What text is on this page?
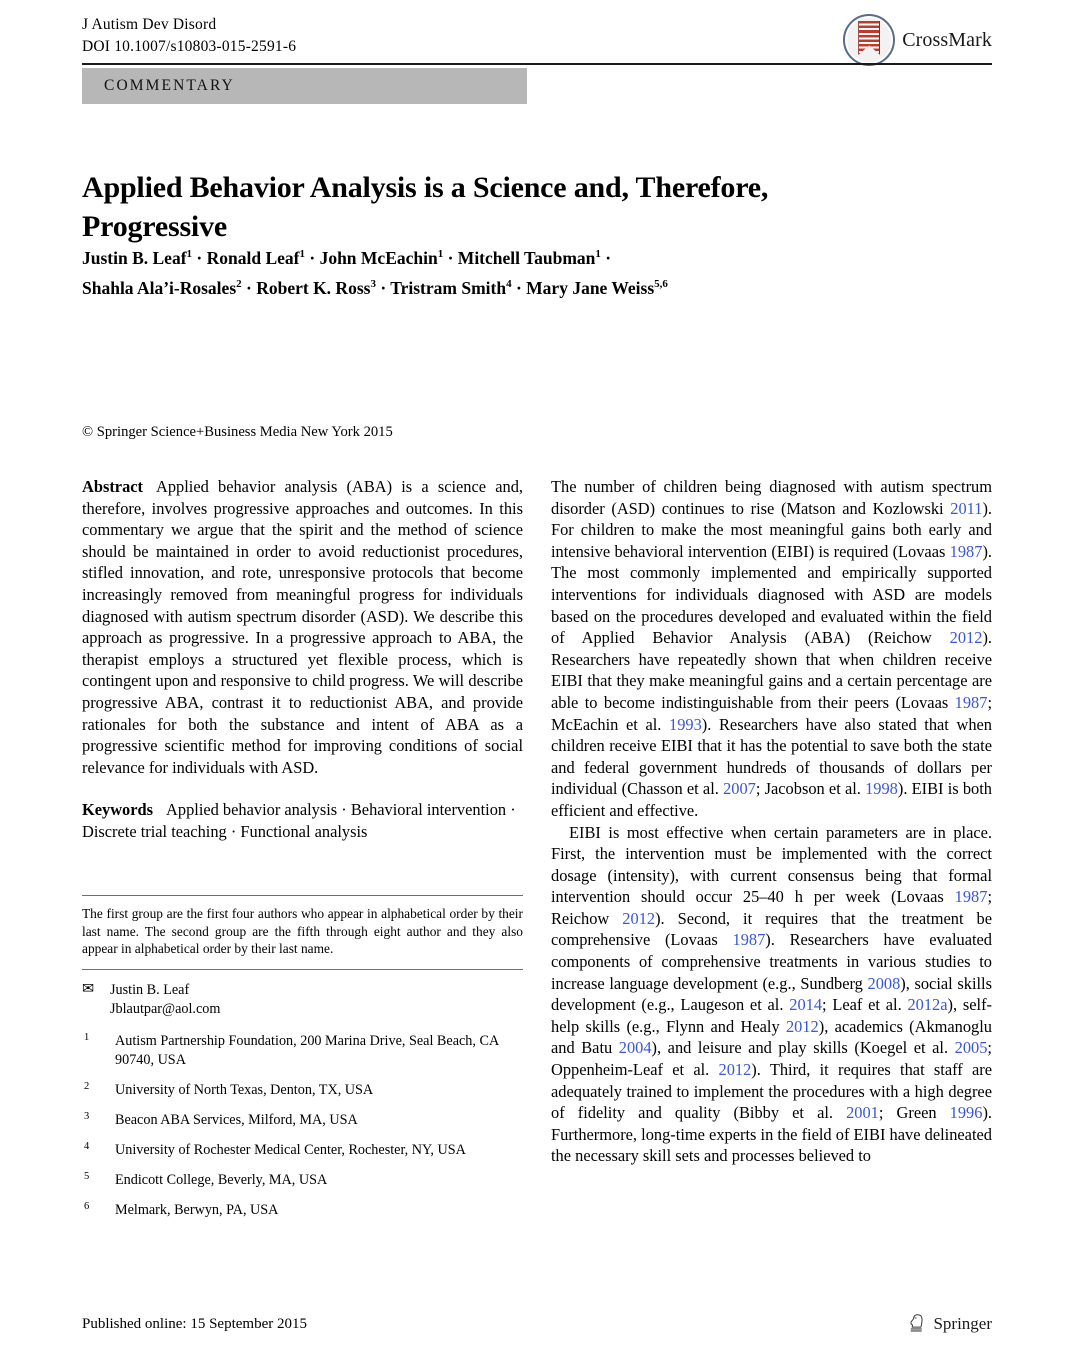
J Autism Dev Disord
DOI 10.1007/s10803-015-2591-6	CrossMark
COMMENTARY
Applied Behavior Analysis is a Science and, Therefore, Progressive
Justin B. Leaf$^1$ · Ronald Leaf$^1$ · John McEachin$^1$ · Mitchell Taubman$^1$ ·
Shahla Ala’i-Rosales$^2$ · Robert K. Ross$^3$ · Tristram Smith$^4$ · Mary Jane Weiss$^{5,6}$
© Springer Science+Business Media New York 2015
Abstract Applied behavior analysis (ABA) is a science and, therefore, involves progressive approaches and outcomes. In this commentary we argue that the spirit and the method of science should be maintained in order to avoid reductionist procedures, stifled innovation, and rote, unresponsive protocols that become increasingly removed from meaningful progress for individuals diagnosed with autism spectrum disorder (ASD). We describe this approach as progressive. In a progressive approach to ABA, the therapist employs a structured yet flexible process, which is contingent upon and responsive to child progress. We will describe progressive ABA, contrast it to reductionist ABA, and provide rationales for both the substance and intent of ABA as a progressive scientific method for improving conditions of social relevance for individuals with ASD.
Keywords Applied behavior analysis · Behavioral intervention · Discrete trial teaching · Functional analysis
The first group are the first four authors who appear in alphabetical order by their last name. The second group are the fifth through eight author and they also appear in alphabetical order by their last name.
✉ Justin B. Leaf
Jblautpar@aol.com
1 Autism Partnership Foundation, 200 Marina Drive, Seal Beach, CA 90740, USA
2 University of North Texas, Denton, TX, USA
3 Beacon ABA Services, Milford, MA, USA
4 University of Rochester Medical Center, Rochester, NY, USA
5 Endicott College, Beverly, MA, USA
6 Melmark, Berwyn, PA, USA
The number of children being diagnosed with autism spectrum disorder (ASD) continues to rise (Matson and Kozlowski 2011). For children to make the most meaningful gains both early and intensive behavioral intervention (EIBI) is required (Lovaas 1987). The most commonly implemented and empirically supported interventions for individuals diagnosed with ASD are models based on the procedures developed and evaluated within the field of Applied Behavior Analysis (ABA) (Reichow 2012). Researchers have repeatedly shown that when children receive EIBI that they make meaningful gains and a certain percentage are able to become indistinguishable from their peers (Lovaas 1987; McEachin et al. 1993). Researchers have also stated that when children receive EIBI that it has the potential to save both the state and federal government hundreds of thousands of dollars per individual (Chasson et al. 2007; Jacobson et al. 1998). EIBI is both efficient and effective.
EIBI is most effective when certain parameters are in place. First, the intervention must be implemented with the correct dosage (intensity), with current consensus being that formal intervention should occur 25–40 h per week (Lovaas 1987; Reichow 2012). Second, it requires that the treatment be comprehensive (Lovaas 1987). Researchers have evaluated components of comprehensive treatments in various studies to increase language development (e.g., Sundberg 2008), social skills development (e.g., Laugeson et al. 2014; Leaf et al. 2012a), self-help skills (e.g., Flynn and Healy 2012), academics (Akmanoglu and Batu 2004), and leisure and play skills (Koegel et al. 2005; Oppenheim-Leaf et al. 2012). Third, it requires that staff are adequately trained to implement the procedures with a high degree of fidelity and quality (Bibby et al. 2001; Green 1996). Furthermore, long-time experts in the field of EIBI have delineated the necessary skill sets and processes believed to
Published online: 15 September 2015	Springer
